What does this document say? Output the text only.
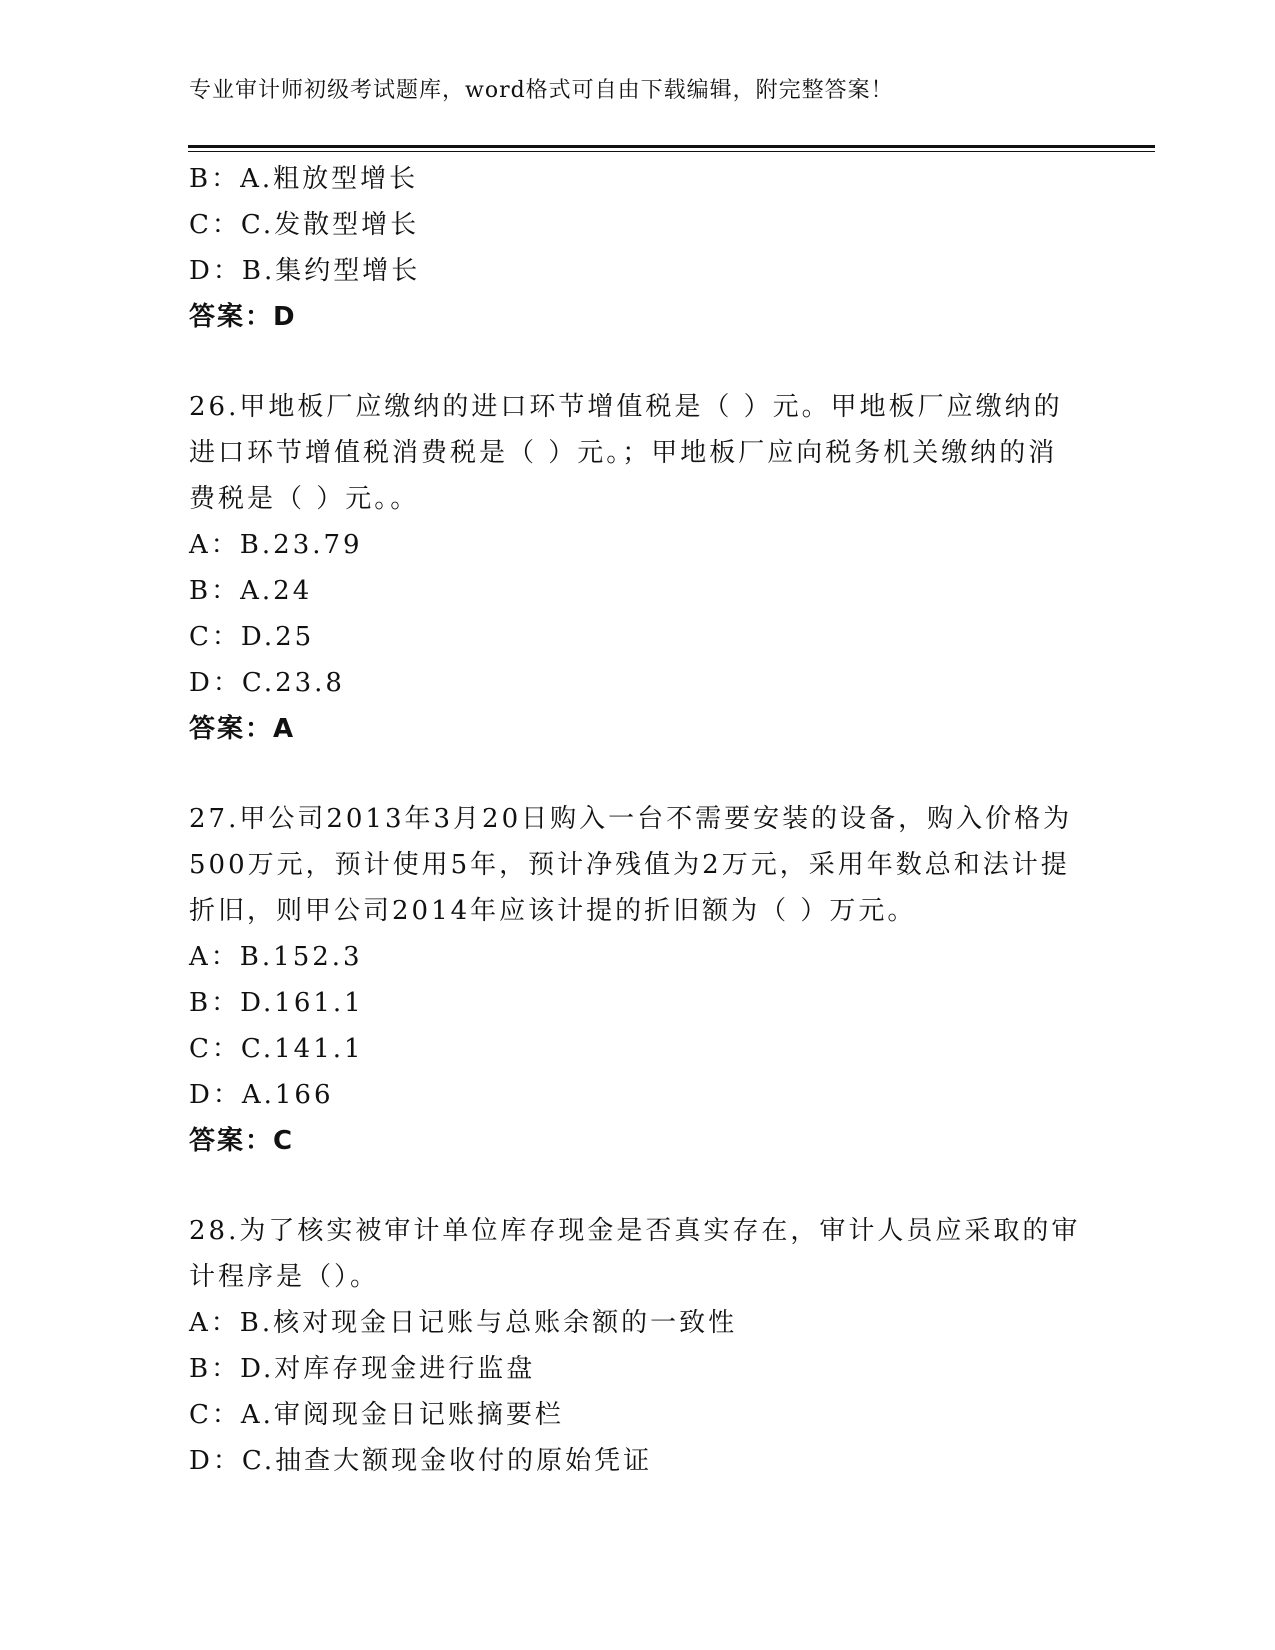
专业审计师初级考试题库，word格式可自由下载编辑，附完整答案！
B：A.粗放型增长
C：C.发散型增长
D：B.集约型增长
答案：D
26.甲地板厂应缴纳的进口环节增值税是（ ）元。甲地板厂应缴纳的
进口环节增值税消费税是（ ）元。；甲地板厂应向税务机关缴纳的消
费税是（ ）元。。
A：B.23.79
B：A.24
C：D.25
D：C.23.8
答案：A
27.甲公司2013年3月20日购入一台不需要安装的设备，购入价格为
500万元，预计使用5年，预计净残值为2万元，采用年数总和法计提
折旧，则甲公司2014年应该计提的折旧额为（ ）万元。
A：B.152.3
B：D.161.1
C：C.141.1
D：A.166
答案：C
28.为了核实被审计单位库存现金是否真实存在，审计人员应采取的审
计程序是（）。
A：B.核对现金日记账与总账余额的一致性
B：D.对库存现金进行监盘
C：A.审阅现金日记账摘要栏
D：C.抽查大额现金收付的原始凭证
